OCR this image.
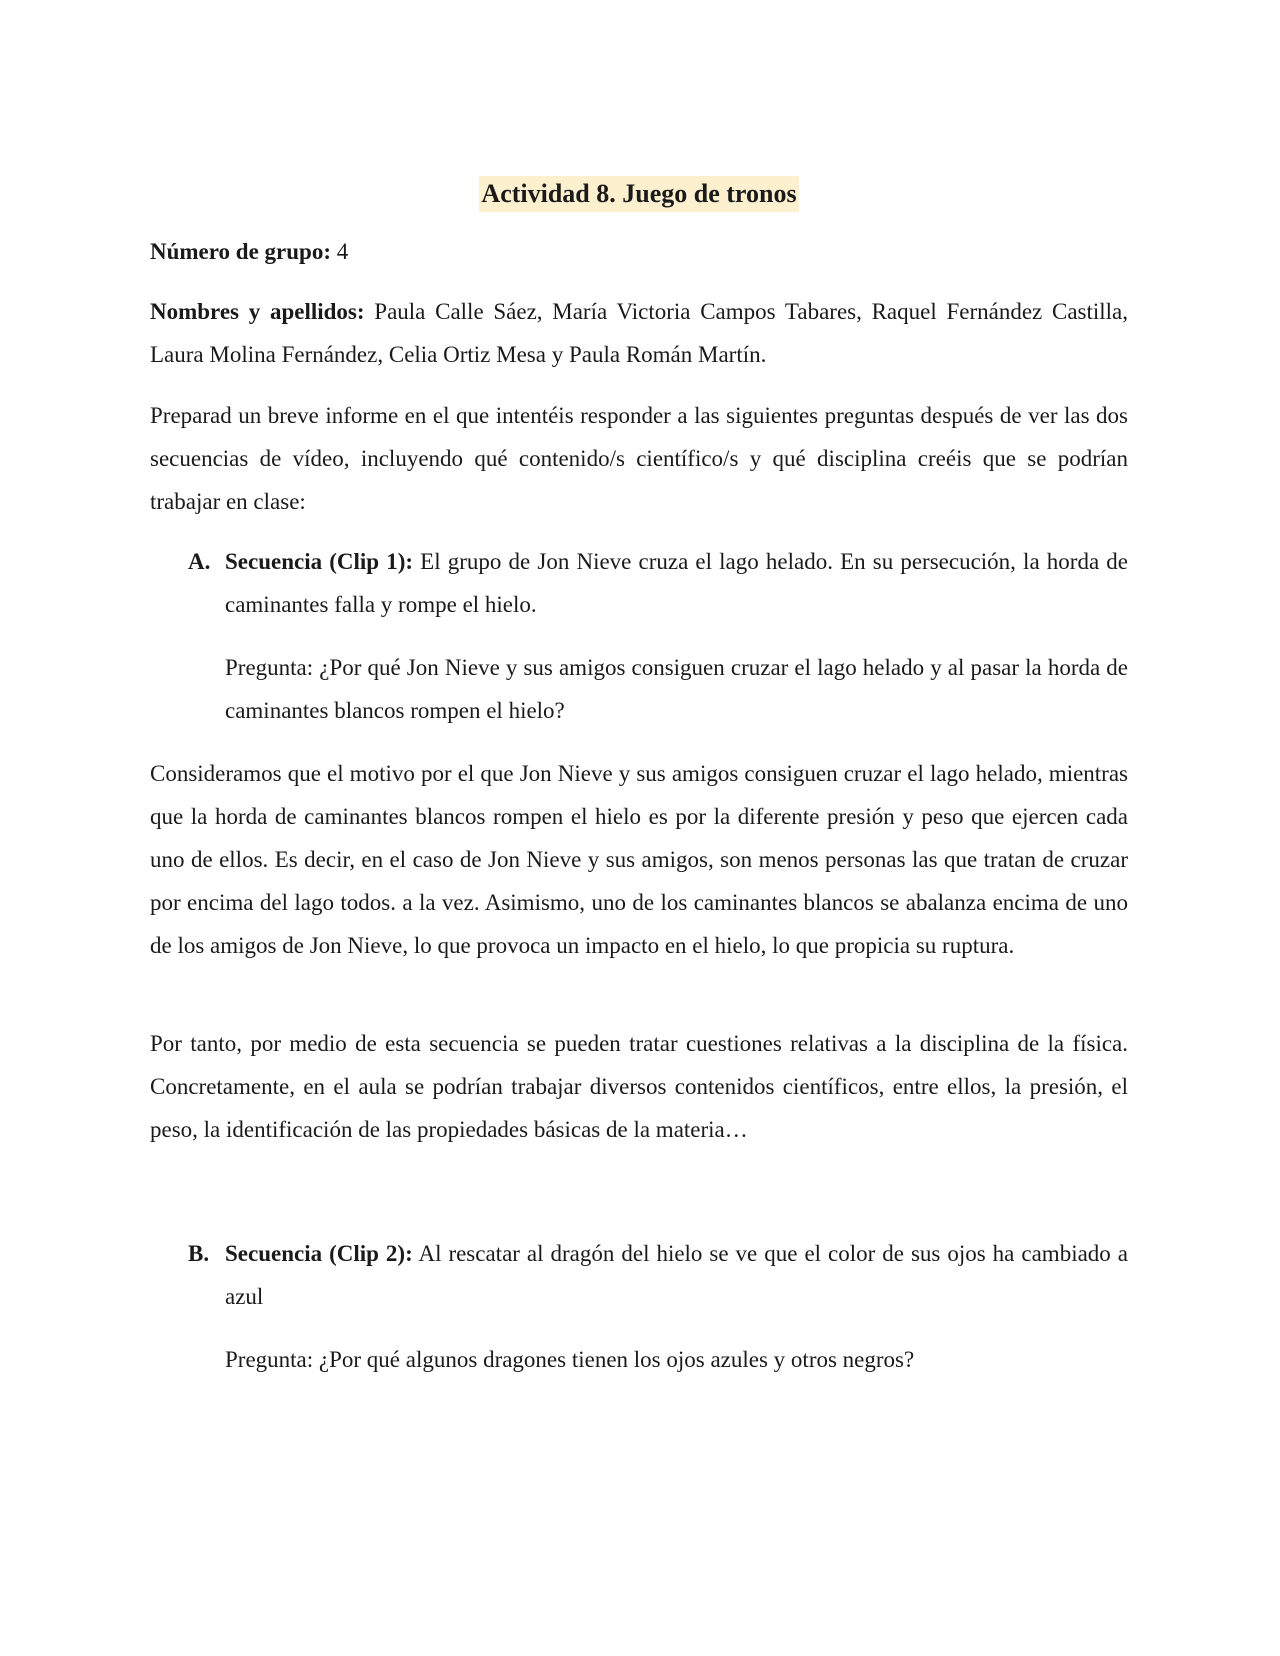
Actividad 8. Juego de tronos

Número de grupo: 4

Nombres y apellidos: Paula Calle Sáez, María Victoria Campos Tabares, Raquel Fernández Castilla, Laura Molina Fernández, Celia Ortiz Mesa y Paula Román Martín.

Preparad un breve informe en el que intentéis responder a las siguientes preguntas después de ver las dos secuencias de vídeo, incluyendo qué contenido/s científico/s y qué disciplina creéis que se podrían trabajar en clase:

A. Secuencia (Clip 1): El grupo de Jon Nieve cruza el lago helado. En su persecución, la horda de caminantes falla y rompe el hielo.

Pregunta: ¿Por qué Jon Nieve y sus amigos consiguen cruzar el lago helado y al pasar la horda de caminantes blancos rompen el hielo?

Consideramos que el motivo por el que Jon Nieve y sus amigos consiguen cruzar el lago helado, mientras que la horda de caminantes blancos rompen el hielo es por la diferente presión y peso que ejercen cada uno de ellos. Es decir, en el caso de Jon Nieve y sus amigos, son menos personas las que tratan de cruzar por encima del lago todos. a la vez. Asimismo, uno de los caminantes blancos se abalanza encima de uno de los amigos de Jon Nieve, lo que provoca un impacto en el hielo, lo que propicia su ruptura.

Por tanto, por medio de esta secuencia se pueden tratar cuestiones relativas a la disciplina de la física. Concretamente, en el aula se podrían trabajar diversos contenidos científicos, entre ellos, la presión, el peso, la identificación de las propiedades básicas de la materia…

B. Secuencia (Clip 2): Al rescatar al dragón del hielo se ve que el color de sus ojos ha cambiado a azul

Pregunta: ¿Por qué algunos dragones tienen los ojos azules y otros negros?
